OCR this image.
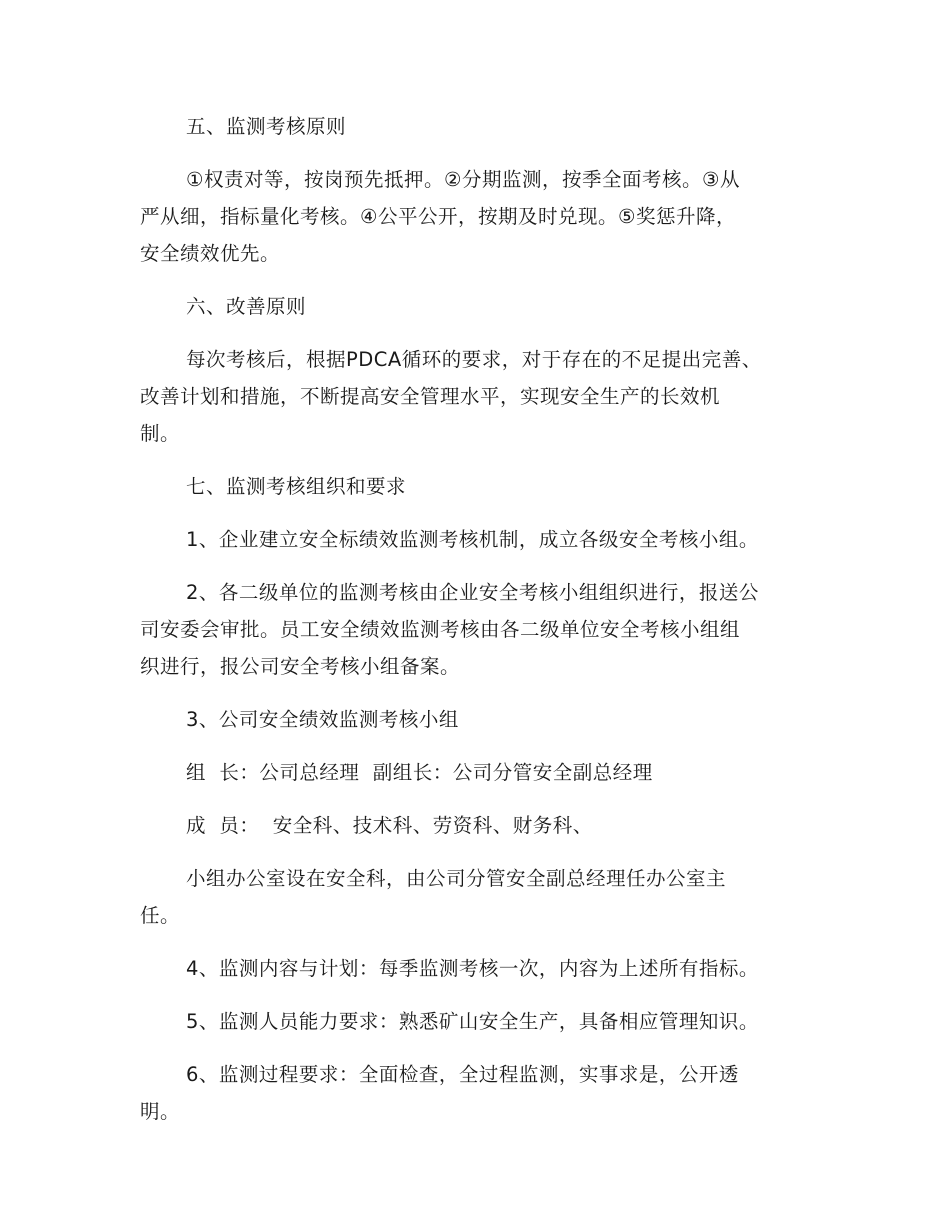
五、监测考核原则
①权责对等，按岗预先抵押。②分期监测，按季全面考核。③从
严从细，指标量化考核。④公平公开，按期及时兑现。⑤奖惩升降，
安全绩效优先。
六、改善原则
每次考核后，根据PDCA循环的要求，对于存在的不足提出完善、
改善计划和措施，不断提高安全管理水平，实现安全生产的长效机
制。
七、监测考核组织和要求
1、企业建立安全标绩效监测考核机制，成立各级安全考核小组。
2、各二级单位的监测考核由企业安全考核小组组织进行，报送公
司安委会审批。员工安全绩效监测考核由各二级单位安全考核小组组
织进行，报公司安全考核小组备案。
3、公司安全绩效监测考核小组
组  长：公司总经理  副组长：公司分管安全副总经理
成  员：  安全科、技术科、劳资科、财务科、
小组办公室设在安全科，由公司分管安全副总经理任办公室主
任。
4、监测内容与计划：每季监测考核一次，内容为上述所有指标。
5、监测人员能力要求：熟悉矿山安全生产，具备相应管理知识。
6、监测过程要求：全面检查，全过程监测，实事求是，公开透
明。
